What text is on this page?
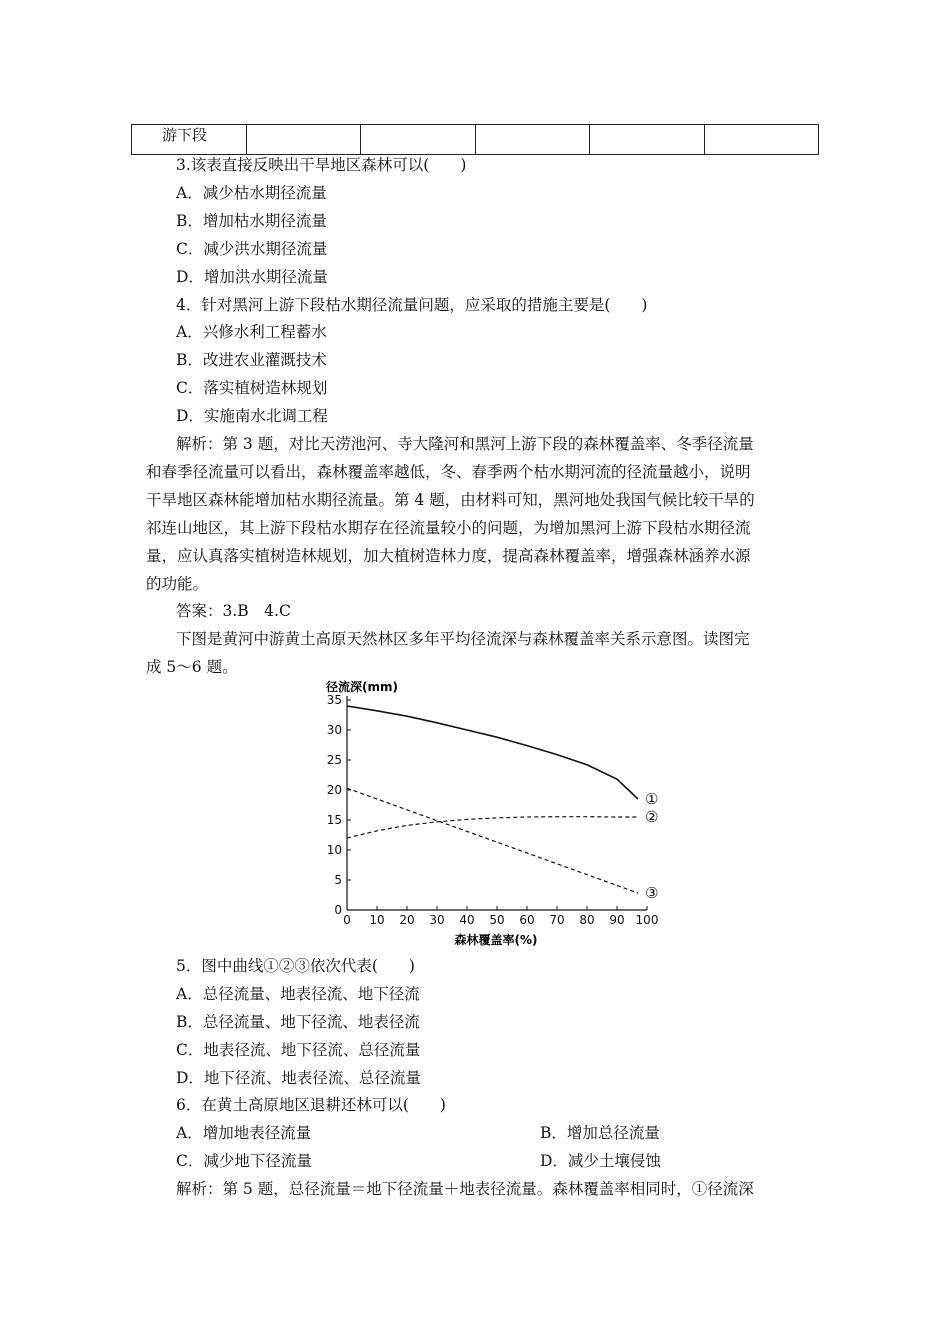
游下段					
3.该表直接反映出干旱地区森林可以(　　)
A．减少枯水期径流量
B．增加枯水期径流量
C．减少洪水期径流量
D．增加洪水期径流量
4．针对黑河上游下段枯水期径流量问题，应采取的措施主要是(　　)
A．兴修水利工程蓄水
B．改进农业灌溉技术
C．落实植树造林规划
D．实施南水北调工程
解析：第 3 题，对比天涝池河、寺大隆河和黑河上游下段的森林覆盖率、冬季径流量
和春季径流量可以看出，森林覆盖率越低，冬、春季两个枯水期河流的径流量越小，说明
干旱地区森林能增加枯水期径流量。第 4 题，由材料可知，黑河地处我国气候比较干旱的
祁连山地区，其上游下段枯水期存在径流量较小的问题，为增加黑河上游下段枯水期径流
量，应认真落实植树造林规划，加大植树造林力度，提高森林覆盖率，增强森林涵养水源
的功能。
答案：3.B　4.C
下图是黄河中游黄土高原天然林区多年平均径流深与森林覆盖率关系示意图。读图完
成 5～6 题。
0
5
10
15
20
25
30
35
0 10 20 30 40 50 60 70 80 90 100
①
②
③
径流深(mm)
森林覆盖率(%)
5．图中曲线①②③依次代表(　　)
A．总径流量、地表径流、地下径流
B．总径流量、地下径流、地表径流
C．地表径流、地下径流、总径流量
D．地下径流、地表径流、总径流量
6．在黄土高原地区退耕还林可以(　　)
A．增加地表径流量	B．增加总径流量
C．减少地下径流量	D．减少土壤侵蚀
解析：第 5 题，总径流量＝地下径流量＋地表径流量。森林覆盖率相同时，①径流深
